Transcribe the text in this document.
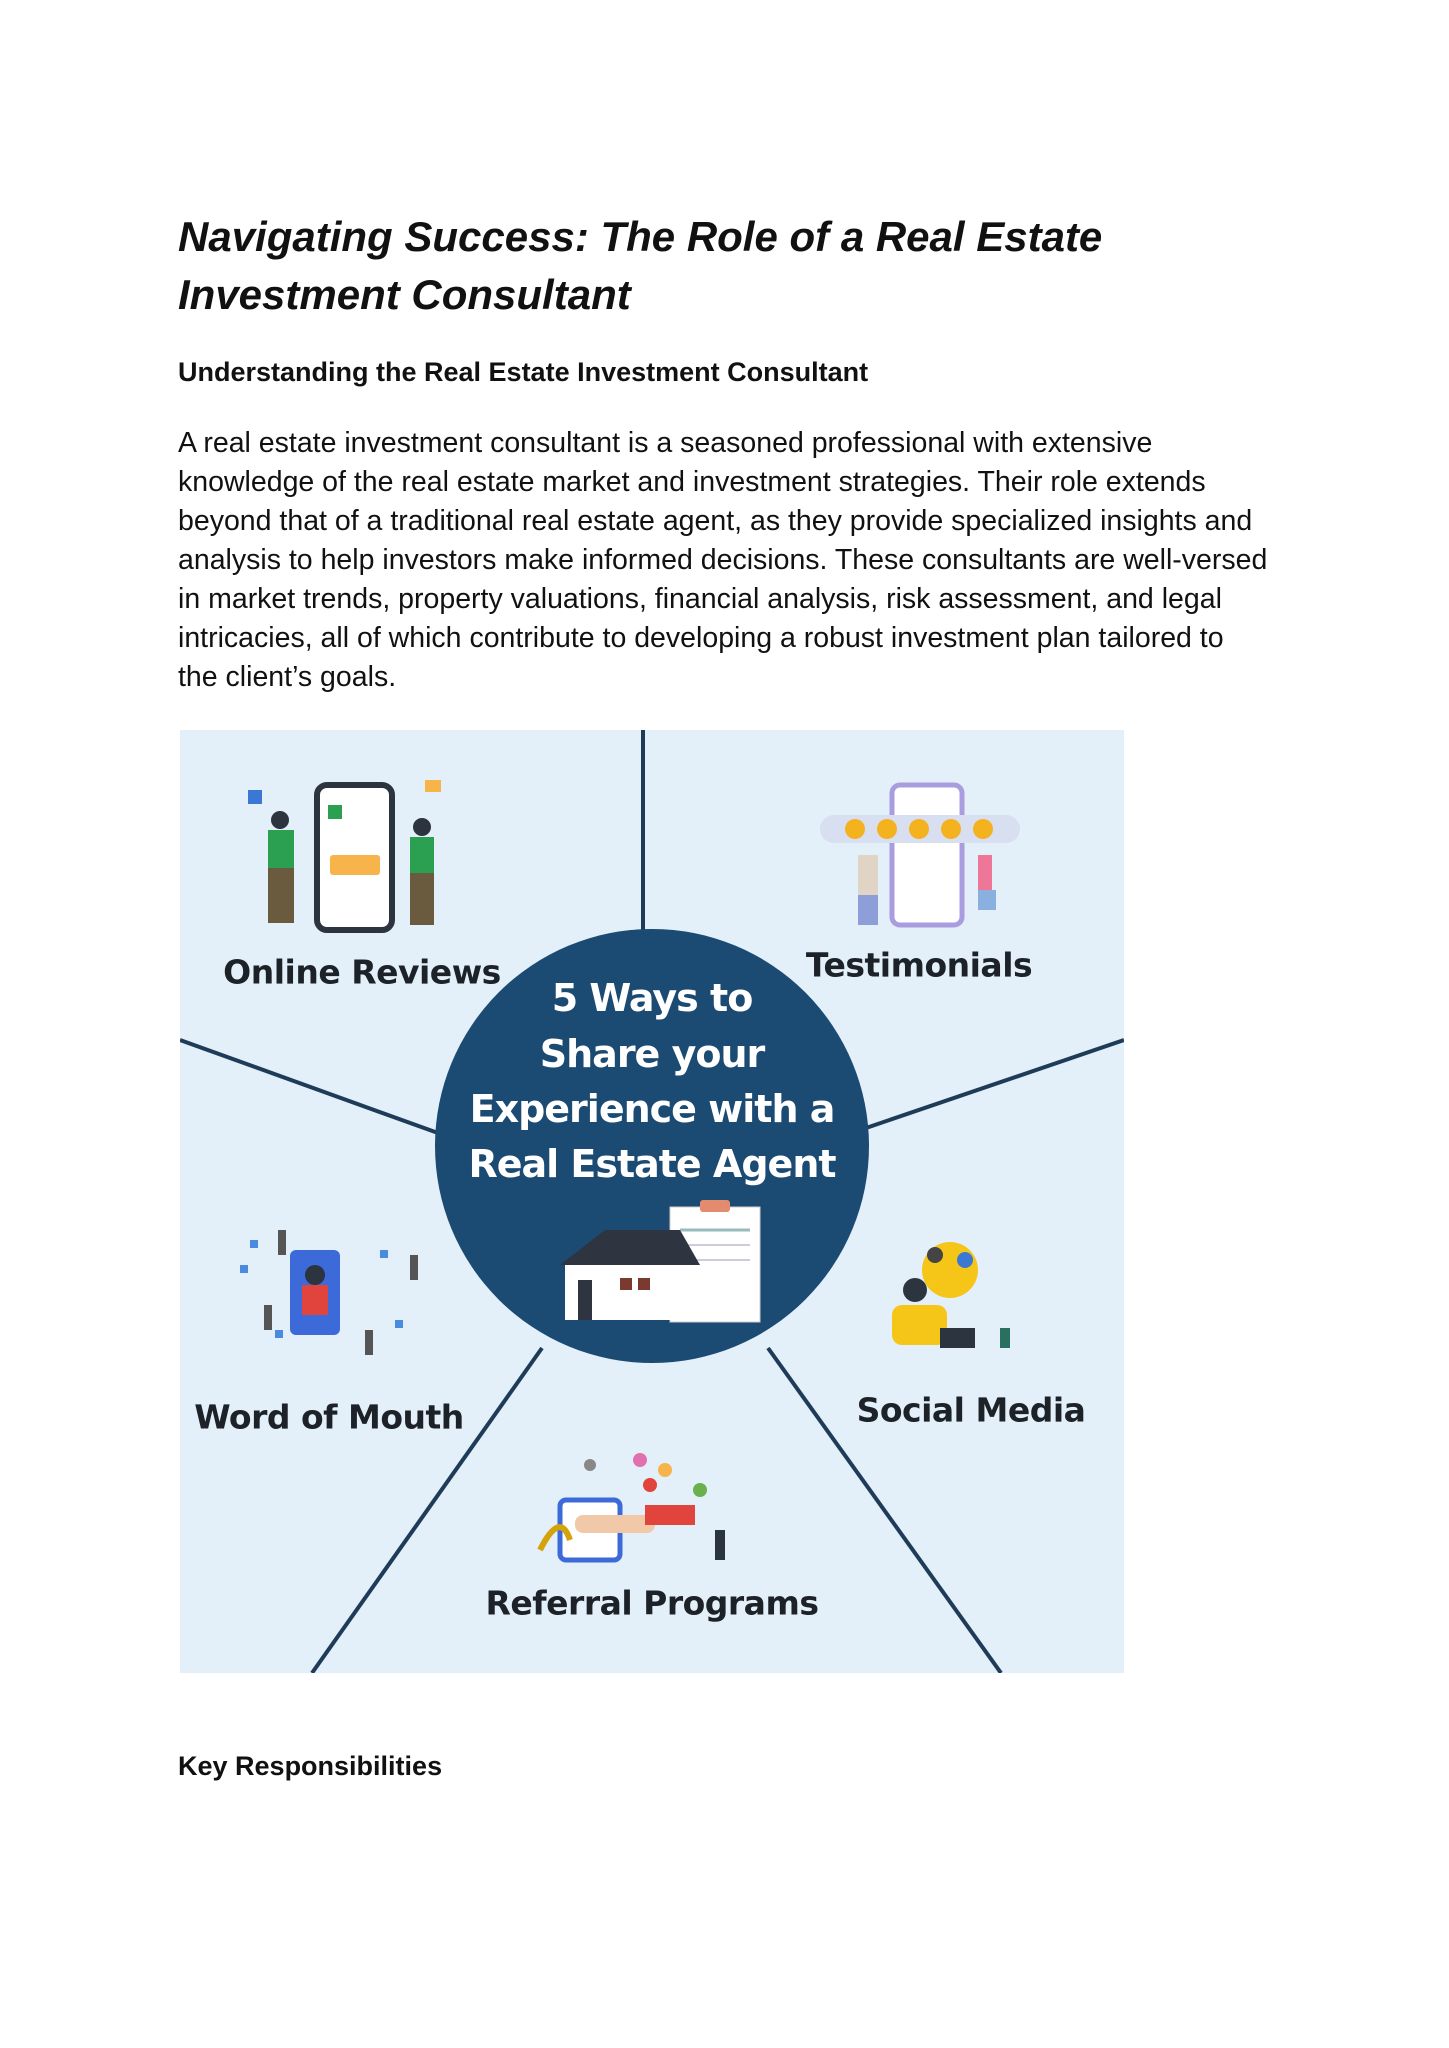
Navigating Success: The Role of a Real Estate Investment Consultant
Understanding the Real Estate Investment Consultant

A real estate investment consultant is a seasoned professional with extensive knowledge of the real estate market and investment strategies. Their role extends beyond that of a traditional real estate agent, as they provide specialized insights and analysis to help investors make informed decisions. These consultants are well-versed in market trends, property valuations, financial analysis, risk assessment, and legal intricacies, all of which contribute to developing a robust investment plan tailored to the client’s goals.

Online Reviews	Testimonials
Word of Mouth	Social Media
Referral Programs
5 Ways to
Share your
Experience with a
Real Estate Agent
Key Responsibilities
